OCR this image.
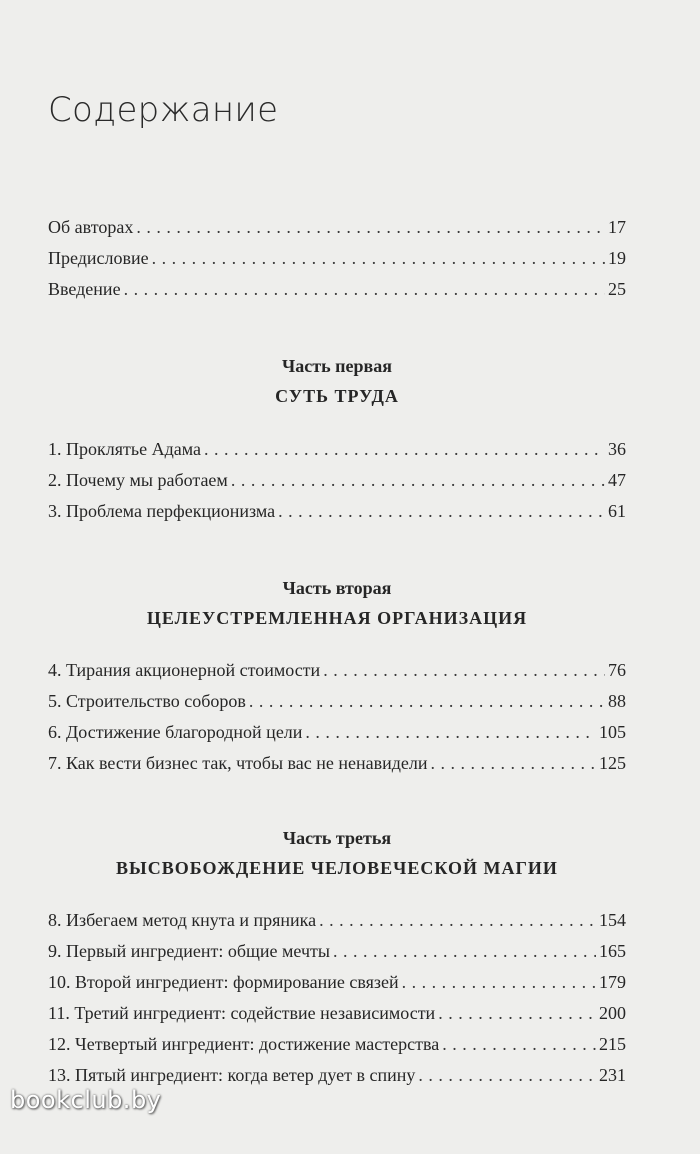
Содержание
Об авторах . . .	17
Предисловие . . .	19
Введение . . .	25
Часть первая
СУТЬ ТРУДА
1. Проклятье Адама . . .	36
2. Почему мы работаем . . .	47
3. Проблема перфекционизма . . .	61
Часть вторая
ЦЕЛЕУСТРЕМЛЕННАЯ ОРГАНИЗАЦИЯ
4. Тирания акционерной стоимости . . .	76
5. Строительство соборов . . .	88
6. Достижение благородной цели . . .	105
7. Как вести бизнес так, чтобы вас не ненавидели . . .	125
Часть третья
ВЫСВОБОЖДЕНИЕ ЧЕЛОВЕЧЕСКОЙ МАГИИ
8. Избегаем метод кнута и пряника . . .	154
9. Первый ингредиент: общие мечты . . .	165
10. Второй ингредиент: формирование связей . . .	179
11. Третий ингредиент: содействие независимости . . .	200
12. Четвертый ингредиент: достижение мастерства . . .	215
13. Пятый ингредиент: когда ветер дует в спину . . .	231
bookclub.by
